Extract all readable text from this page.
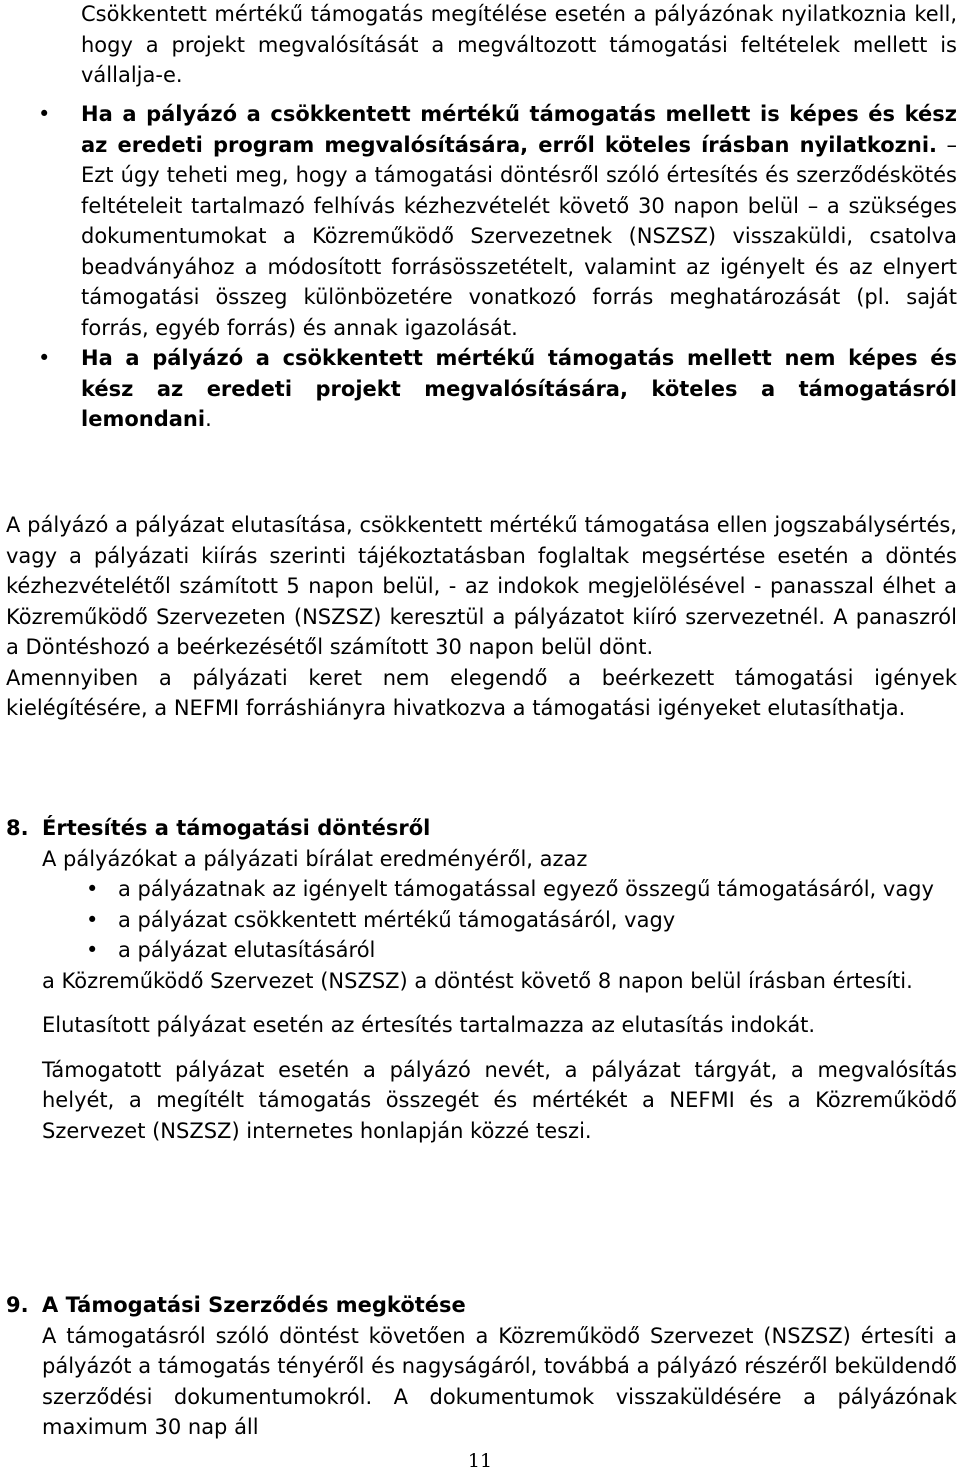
Csökkentett mértékű támogatás megítélése esetén a pályázónak nyilatkoznia kell, hogy a projekt megvalósítását a megváltozott támogatási feltételek mellett is vállalja-e.

• Ha a pályázó a csökkentett mértékű támogatás mellett is képes és kész az eredeti program megvalósítására, erről köteles írásban nyilatkozni. – Ezt úgy teheti meg, hogy a támogatási döntésről szóló értesítés és szerződéskötés feltételeit tartalmazó felhívás kézhezvételét követő 30 napon belül – a szükséges dokumentumokat a Közreműködő Szervezetnek (NSZSZ) visszaküldi, csatolva beadványához a módosított forrásösszetételt, valamint az igényelt és az elnyert támogatási összeg különbözetére vonatkozó forrás meghatározását (pl. saját forrás, egyéb forrás) és annak igazolását.

• Ha a pályázó a csökkentett mértékű támogatás mellett nem képes és kész az eredeti projekt megvalósítására, köteles a támogatásról lemondani.

A pályázó a pályázat elutasítása, csökkentett mértékű támogatása ellen jogszabálysértés, vagy a pályázati kiírás szerinti tájékoztatásban foglaltak megsértése esetén a döntés kézhezvételétől számított 5 napon belül, - az indokok megjelölésével - panasszal élhet a Közreműködő Szervezeten (NSZSZ) keresztül a pályázatot kiíró szervezetnél. A panaszról a Döntéshozó a beérkezésétől számított 30 napon belül dönt.

Amennyiben a pályázati keret nem elegendő a beérkezett támogatási igények kielégítésére, a NEFMI forráshiányra hivatkozva a támogatási igényeket elutasíthatja.

8. Értesítés a támogatási döntésről

A pályázókat a pályázati bírálat eredményéről, azaz

• a pályázatnak az igényelt támogatással egyező összegű támogatásáról, vagy

• a pályázat csökkentett mértékű támogatásáról, vagy

• a pályázat elutasításáról

a Közreműködő Szervezet (NSZSZ) a döntést követő 8 napon belül írásban értesíti.

Elutasított pályázat esetén az értesítés tartalmazza az elutasítás indokát.

Támogatott pályázat esetén a pályázó nevét, a pályázat tárgyát, a megvalósítás helyét, a megítélt támogatás összegét és mértékét a NEFMI és a Közreműködő Szervezet (NSZSZ) internetes honlapján közzé teszi.

9. A Támogatási Szerződés megkötése

A támogatásról szóló döntést követően a Közreműködő Szervezet (NSZSZ) értesíti a pályázót a támogatás tényéről és nagyságáról, továbbá a pályázó részéről beküldendő szerződési dokumentumokról. A dokumentumok visszaküldésére a pályázónak maximum 30 nap áll

11
